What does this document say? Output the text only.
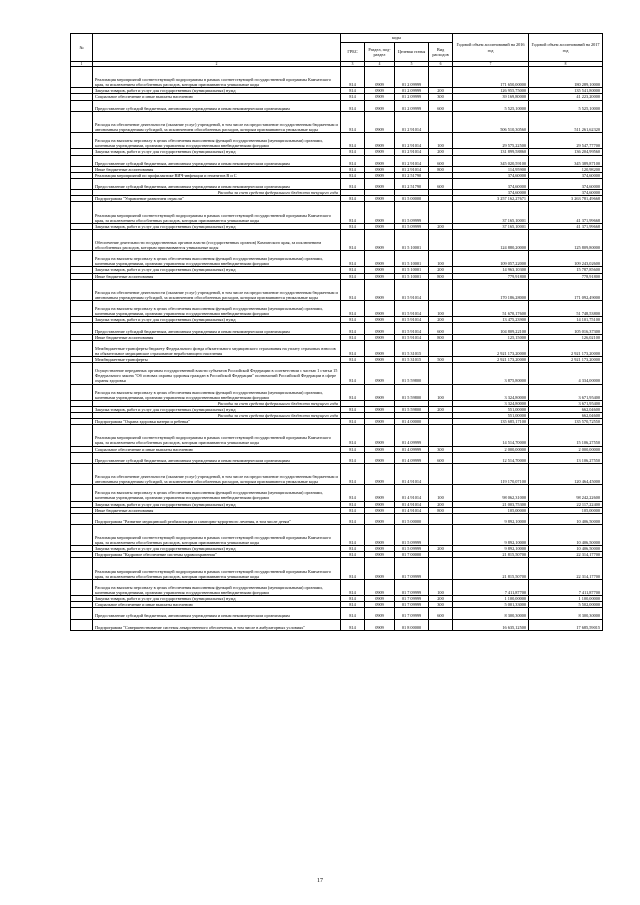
№		коды				Годовой объем ассигнований на 2016 год	Годовой объем ассигнований на 2017 год
		ГРБС	Раздел, под-раздел	Целевая статья	Вид расходов		
1	2	3	4	5	6	7	8
	Реализация мероприятий соответствующей подпрограммы в рамках соответствующей государственной программы Камчатского края, за исключением обособленных расходов, которым присваиваются уникальные коды	814	0909	01 2 09999		171 650,00000	180 289,10000
	Закупка товаров, работ и услуг для государственных (муниципальных) нужд	814	0909	01 2 09999	200	126 955,75000	135 541,80000
	Социальное обеспечение и иные выплаты населению	814	0909	01 2 09999	300	39 169,80000	41 223,20000
	Предоставление субсидий бюджетным, автономным учреждениям и иным некоммерческим организациям	814	0909	01 2 09999	600	5 525,10000	5 525,10000
	Расходы на обеспечение деятельности (оказание услуг) учреждений, в том числе на предоставление государственным бюджетным и автономным учреждениям субсидий, за исключением обособленных расходов, которым присваиваются уникальные коды	814	0909	01 2 91014		506 510,30560	511 261,62320
	Расходы на выплаты персоналу в целях обеспечения выполнения функций государственными (муниципальными) органами, казенными учреждениями, органами управления государственными внебюджетными фондами	814	0909	01 2 91014	100	29 575,22500	29 547,77700
	Закупка товаров, работ и услуг для государственных (муниципальных) нужд	814	0909	01 2 91014	200	131 899,58860	136 204,99560
	Предоставление субсидий бюджетным, автономным учреждениям и иным некоммерческим организациям	814	0909	01 2 91014	600	345 020,59100	345 389,87100
	Иные бюджетные ассигнования	814	0909	01 2 91014	800	114,95900	120,98200
	Реализация мероприятий по профилактике ВИЧ-инфекции и гепатитов В и С	814	0909	01 2 51790		374,60000	374,60000
	Предоставление субсидий бюджетным, автономным учреждениям и иным некоммерческим организациям	814	0909	01 2 51790	600	374,60000	374,60000
	Расходы за счет средств федерального бюджета текущего года					374,60000	374,60000
	Подпрограмма "Управление развитием отрасли"	814	0909	01 5 00000		3 257 162,27671	3 263 781,49668
	Реализация мероприятий соответствующей подпрограммы в рамках соответствующей государственной программы Камчатского края, за исключением обособленных расходов, которым присваиваются уникальные коды	814	0909	01 5 09999		37 165,10001	41 371,99668
	Закупка товаров, работ и услуг для государственных (муниципальных) нужд	814	0909	01 5 09999	200	37 165,10001	41 371,99668
	Обеспечение деятельности государственных органов власти (государственных органов) Камчатского края, за исключением обособленных расходов, которым присваиваются уникальные коды	814	0909	01 5 10001		124 880,20000	125 809,80000
	Расходы на выплаты персоналу в целях обеспечения выполнения функций государственными (муниципальными) органами, казенными учреждениями, органами управления государственными внебюджетными фондами	814	0909	01 5 10001	100	109 057,22000	109 243,02600
	Закупка товаров, работ и услуг для государственных (муниципальных) нужд	814	0909	01 5 10001	200	14 963,10300	15 787,85600
	Иные бюджетные ассигнования	814	0909	01 5 10001	800	779,91800	778,91800
	Расходы на обеспечение деятельности (оказание услуг) учреждений, в том числе на предоставление государственным бюджетным и автономным учреждениям субсидий, за исключением обособленных расходов, которым присваиваются уникальные коды	814	0909	01 5 91014		170 186,28000	171 092,49000
	Расходы на выплаты персоналу в целях обеспечения выполнения функций государственными (муниципальными) органами, казенными учреждениями, органами управления государственными внебюджетными фондами	814	0909	01 5 91014	100	51 670,17600	51 748,53800
	Закупка товаров, работ и услуг для государственных (муниципальных) нужд	814	0909	01 5 91014	200	13 475,23900	14 101,75100
	Предоставление субсидий бюджетным, автономным учреждениям и иным некоммерческим организациям	814	0909	01 5 91014	600	104 809,22100	105 016,37300
	Иные бюджетные ассигнования	814	0909	01 5 91014	800	125,15000	126,02100
	Межбюджетные трансферты бюджету Федерального фонда обязательного медицинского страхования на уплату страховых взносов на обязательное медицинское страхование неработающего населения	814	0909	01 5 31015		2 921 173,20000	2 921 173,20000
	Межбюджетные трансферты	814	0909	01 5 31015	500	2 921 173,20000	2 921 173,20000
	Осуществление переданных органам государственной власти субъектов Российской Федерации в соответствии с частью 1 статьи 15 Федерального закона "Об основах охраны здоровья граждан в Российской Федерации" полномочий Российской Федерации в сфере охраны здоровья	814	0909	01 5 59800		3 875,80000	4 334,00000
	Расходы на выплаты персоналу в целях обеспечения выполнения функций государственными (муниципальными) органами, казенными учреждениями, органами управления государственными внебюджетными фондами	814	0909	01 5 59800	100	3 324,80000	3 671,95400
	Расходы за счет средств федерального бюджета текущего года					3 324,80000	3 671,95400
	Закупка товаров, работ и услуг для государственных (муниципальных) нужд	814	0909	01 5 59800	200	551,00000	662,04600
	Расходы за счет средств федерального бюджета текущего года					551,00000	662,04600
	Подпрограмма "Охрана здоровья матери и ребенка"	814	0909	01 4 00000		135 685,17100	135 570,72550
	Реализация мероприятий соответствующей подпрограммы в рамках соответствующей государственной программы Камчатского края, за исключением обособленных расходов, которым присваиваются уникальные коды	814	0909	01 4 09999		14 514,70000	15 106,27550
	Социальное обеспечение и иные выплаты населению	814	0909	01 4 09999	300	2 000,00000	2 000,00000
	Предоставление субсидий бюджетным, автономным учреждениям и иным некоммерческим организациям	814	0909	01 4 09999	600	12 514,70000	13 106,27550
	Расходы на обеспечение деятельности (оказание услуг) учреждений, в том числе на предоставление государственным бюджетным и автономным учреждениям субсидий, за исключением обособленных расходов, которым присваиваются уникальные коды	814	0909	01 4 91014		119 170,07100	120 464,45000
	Расходы на выплаты персоналу в целях обеспечения выполнения функций государственными (муниципальными) органами, казенными учреждениями, органами управления государственными внебюджетными фондами	814	0909	01 4 91014	100	98 062,31000	98 242,22600
	Закупка товаров, работ и услуг для государственных (муниципальных) нужд	814	0909	01 4 91014	200	21 003,75300	22 117,22400
	Иные бюджетные ассигнования	814	0909	01 4 91014	800	105,00000	105,00000
	Подпрограмма "Развитие медицинской реабилитации и санаторно-курортного лечения, в том числе детям"	814	0909	01 5 00000		9 892,10000	10 406,50000
	Реализация мероприятий соответствующей подпрограммы в рамках соответствующей государственной программы Камчатского края, за исключением обособленных расходов, которым присваиваются уникальные коды	814	0909	01 5 09999		9 892,10000	10 406,50000
	Закупка товаров, работ и услуг для государственных (муниципальных) нужд	814	0909	01 5 09999	200	9 892,10000	10 406,50000
	Подпрограмма "Кадровое обеспечение системы здравоохранения"	814	0909	01 7 00000		21 815,50700	22 314,17700
	Реализация мероприятий соответствующей подпрограммы в рамках соответствующей государственной программы Камчатского края, за исключением обособленных расходов, которым присваиваются уникальные коды	814	0909	01 7 09999		21 815,50700	22 314,17700
	Расходы на выплаты персоналу в целях обеспечения выполнения функций государственными (муниципальными) органами, казенными учреждениями, органами управления государственными внебюджетными фондами	814	0909	01 7 09999	100	7 411,87700	7 411,87700
	Закупка товаров, работ и услуг для государственных (муниципальных) нужд	814	0909	01 7 09999	200	1 100,00000	1 100,00000
	Социальное обеспечение и иные выплаты населению	814	0909	01 7 09999	300	5 001,33000	5 502,00000
	Предоставление субсидий бюджетным, автономным учреждениям и иным некоммерческим организациям	814	0909	01 7 09999	600	8 300,30000	8 300,30000
	Подпрограмма "Совершенствование системы лекарственного обеспечения, в том числе в амбулаторных условиях"	814	0909	01 8 00000		16 635,12500	17 685,59015
17
